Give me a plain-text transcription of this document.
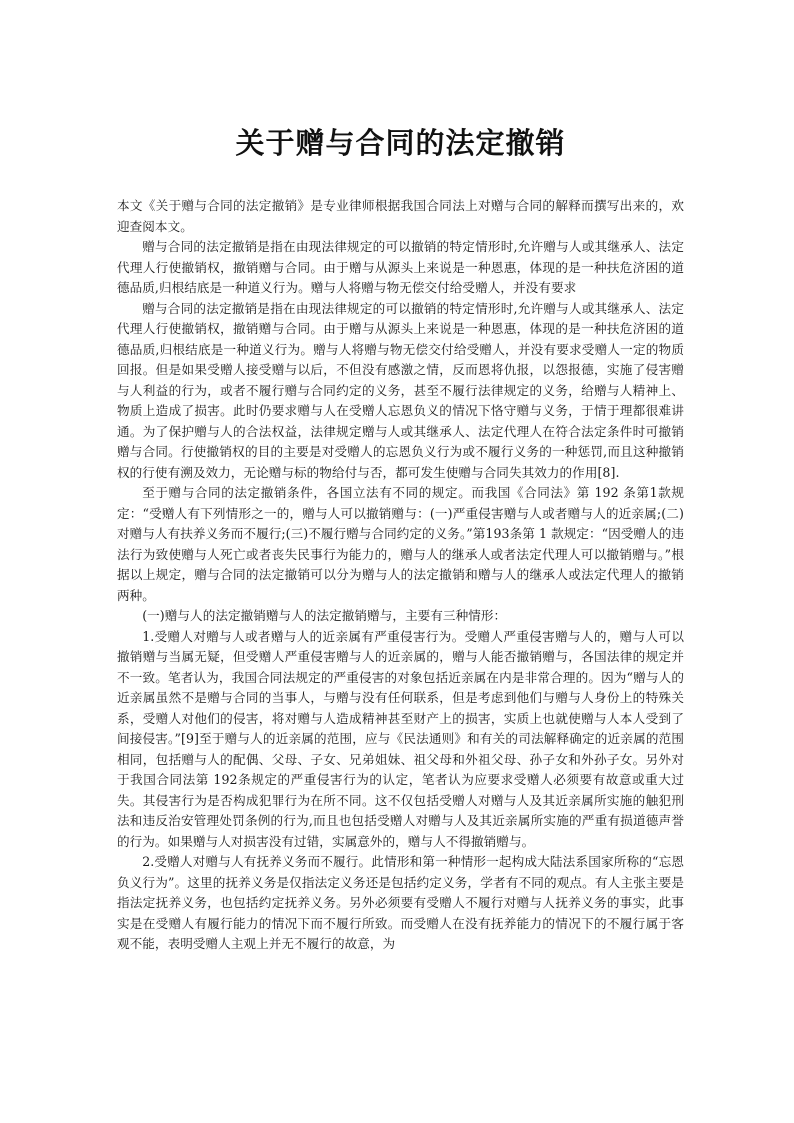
关于赠与合同的法定撤销

本文《关于赠与合同的法定撤销》是专业律师根据我国合同法上对赠与合同的解释而撰写出来的，欢迎查阅本文。

赠与合同的法定撤销是指在由现法律规定的可以撤销的特定情形时,允许赠与人或其继承人、法定代理人行使撤销权，撤销赠与合同。由于赠与从源头上来说是一种恩惠，体现的是一种扶危济困的道德品质,归根结底是一种道义行为。赠与人将赠与物无偿交付给受赠人，并没有要求

赠与合同的法定撤销是指在由现法律规定的可以撤销的特定情形时,允许赠与人或其继承人、法定代理人行使撤销权，撤销赠与合同。由于赠与从源头上来说是一种恩惠，体现的是一种扶危济困的道德品质,归根结底是一种道义行为。赠与人将赠与物无偿交付给受赠人，并没有要求受赠人一定的物质回报。但是如果受赠人接受赠与以后，不但没有感激之情，反而恩将仇报，以怨报德，实施了侵害赠与人利益的行为，或者不履行赠与合同约定的义务，甚至不履行法律规定的义务，给赠与人精神上、物质上造成了损害。此时仍要求赠与人在受赠人忘恩负义的情况下恪守赠与义务，于情于理都很难讲通。为了保护赠与人的合法权益，法律规定赠与人或其继承人、法定代理人在符合法定条件时可撤销赠与合同。行使撤销权的目的主要是对受赠人的忘恩负义行为或不履行义务的一种惩罚,而且这种撤销权的行使有溯及效力，无论赠与标的物给付与否，都可发生使赠与合同失其效力的作用[8].

至于赠与合同的法定撤销条件，各国立法有不同的规定。而我国《合同法》第 192 条第1款规定：“受赠人有下列情形之一的，赠与人可以撤销赠与：(一)严重侵害赠与人或者赠与人的近亲属;(二)对赠与人有扶养义务而不履行;(三)不履行赠与合同约定的义务。”第193条第 1 款规定：“因受赠人的违法行为致使赠与人死亡或者丧失民事行为能力的，赠与人的继承人或者法定代理人可以撤销赠与。”根据以上规定，赠与合同的法定撤销可以分为赠与人的法定撤销和赠与人的继承人或法定代理人的撤销两种。

(一)赠与人的法定撤销赠与人的法定撤销赠与，主要有三种情形：

1.受赠人对赠与人或者赠与人的近亲属有严重侵害行为。受赠人严重侵害赠与人的，赠与人可以撤销赠与当属无疑，但受赠人严重侵害赠与人的近亲属的，赠与人能否撤销赠与，各国法律的规定并不一致。笔者认为，我国合同法规定的严重侵害的对象包括近亲属在内是非常合理的。因为“赠与人的近亲属虽然不是赠与合同的当事人，与赠与没有任何联系，但是考虑到他们与赠与人身份上的特殊关系，受赠人对他们的侵害，将对赠与人造成精神甚至财产上的损害，实质上也就使赠与人本人受到了间接侵害。”[9]至于赠与人的近亲属的范围，应与《民法通则》和有关的司法解释确定的近亲属的范围相同，包括赠与人的配偶、父母、子女、兄弟姐妹、祖父母和外祖父母、孙子女和外孙子女。另外对于我国合同法第 192条规定的严重侵害行为的认定，笔者认为应要求受赠人必须要有故意或重大过失。其侵害行为是否构成犯罪行为在所不同。这不仅包括受赠人对赠与人及其近亲属所实施的触犯刑法和违反治安管理处罚条例的行为,而且也包括受赠人对赠与人及其近亲属所实施的严重有损道德声誉的行为。如果赠与人对损害没有过错，实属意外的，赠与人不得撤销赠与。

2.受赠人对赠与人有抚养义务而不履行。此情形和第一种情形一起构成大陆法系国家所称的“忘恩负义行为”。这里的抚养义务是仅指法定义务还是包括约定义务，学者有不同的观点。有人主张主要是指法定抚养义务，也包括约定抚养义务。另外必须要有受赠人不履行对赠与人抚养义务的事实，此事实是在受赠人有履行能力的情况下而不履行所致。而受赠人在没有抚养能力的情况下的不履行属于客观不能，表明受赠人主观上并无不履行的故意，为
